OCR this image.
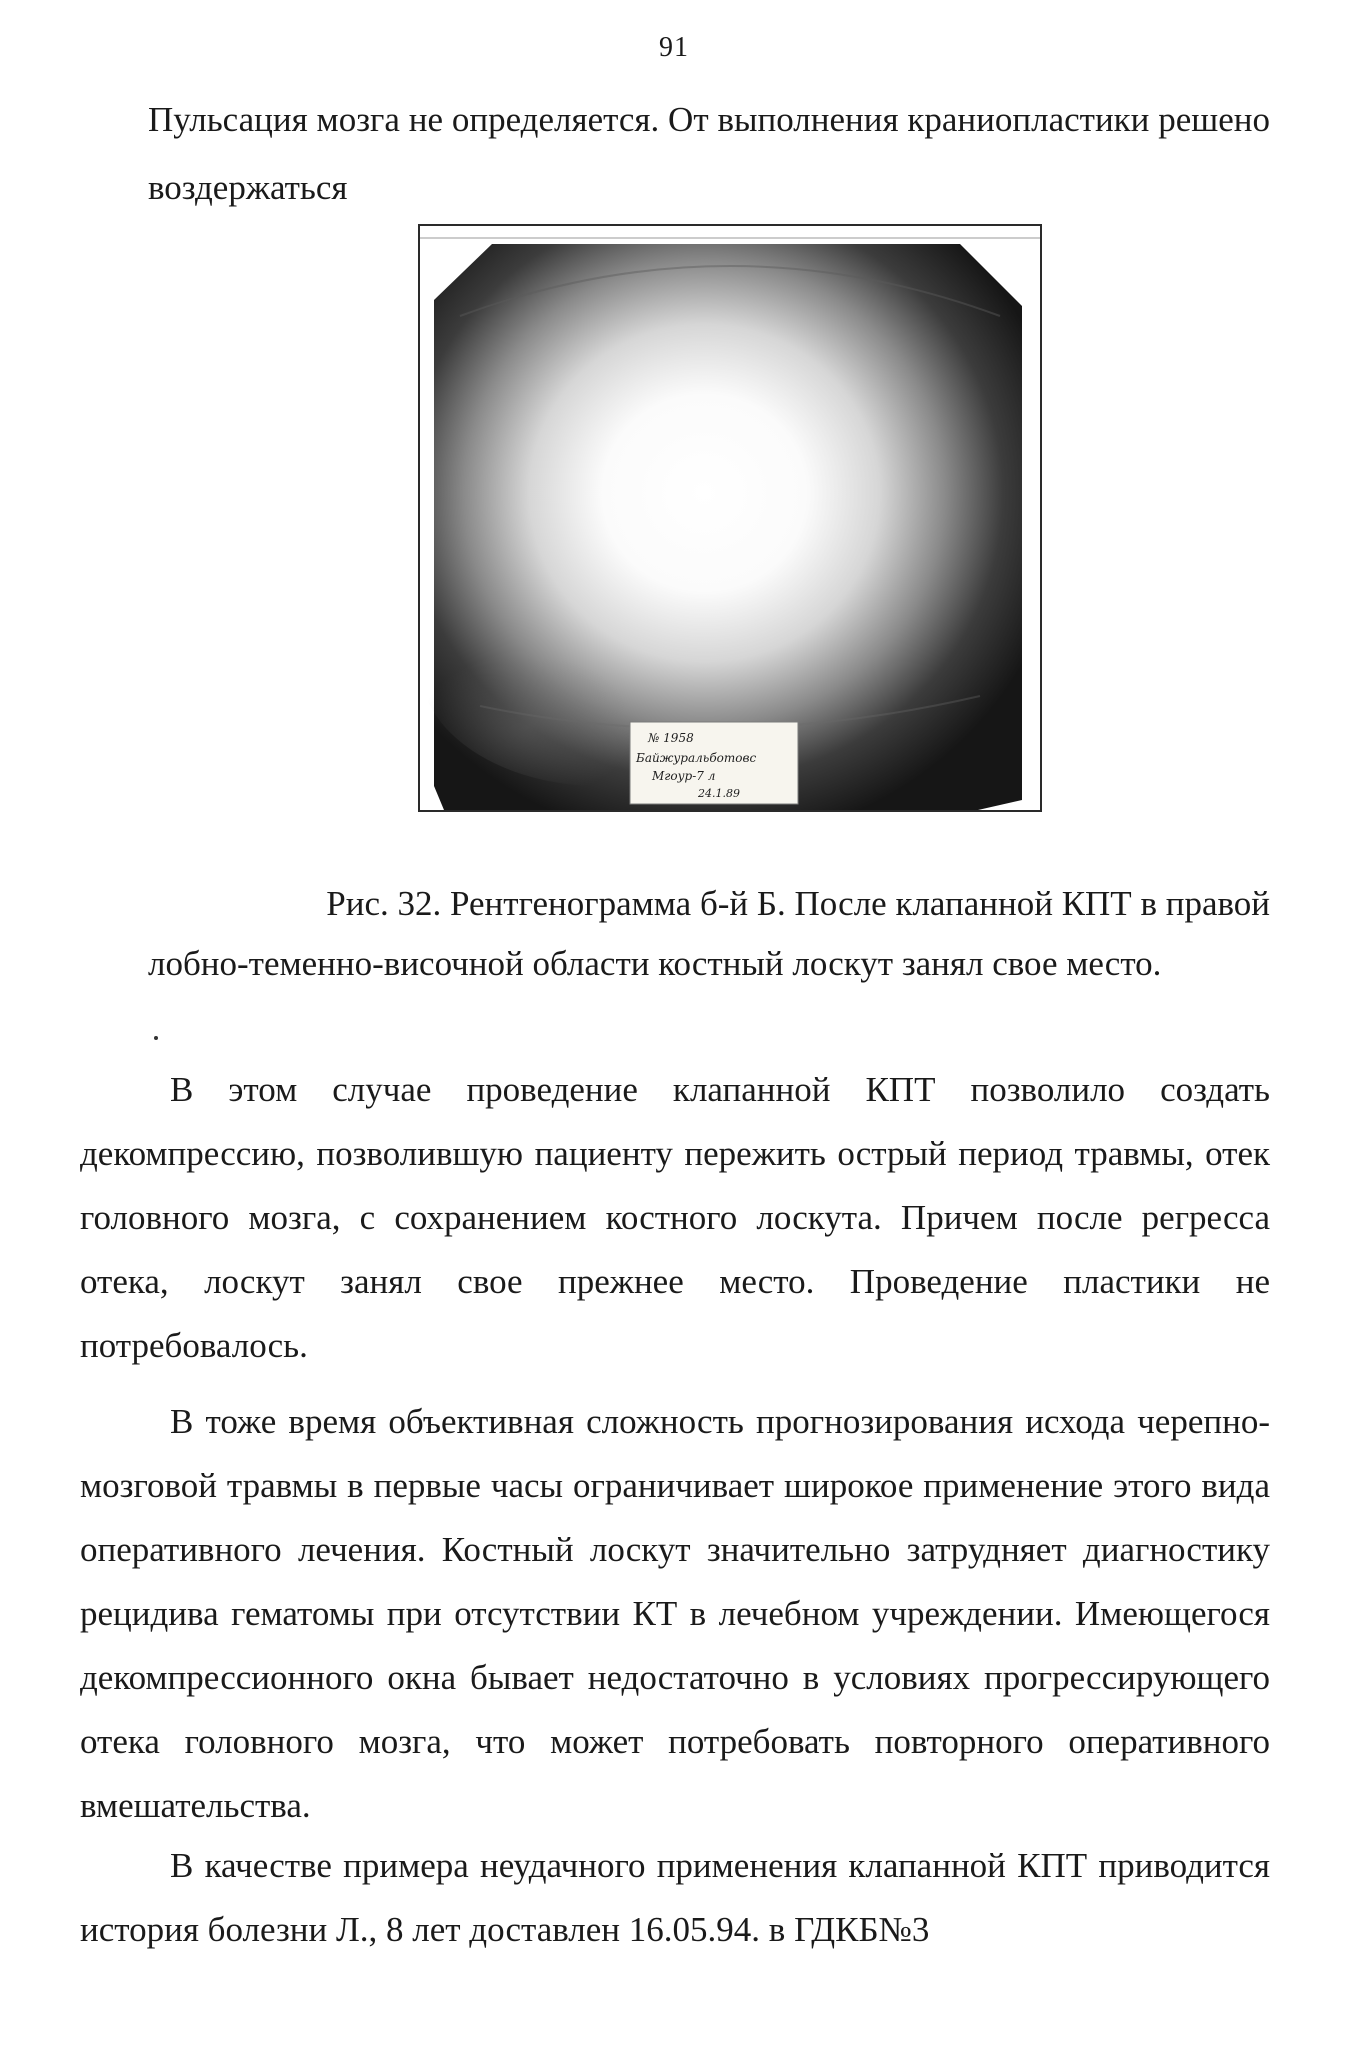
91
Пульсация мозга не определяется. От выполнения краниопластики решено воздержаться
№ 1958
Байжуральботовс
Мгоур-7 л
24.1.89
Рис. 32. Рентгенограмма б-й Б. После клапанной КПТ в правой
лобно-теменно-височной области костный лоскут занял свое место.
В этом случае проведение клапанной КПТ позволило создать декомпрессию, позволившую пациенту пережить острый период травмы, отек головного мозга, с сохранением костного лоскута. Причем после регресса отека, лоскут занял свое прежнее место. Проведение пластики не потребовалось.
В тоже время объективная сложность прогнозирования исхода черепно-мозговой травмы в первые часы ограничивает широкое применение этого вида оперативного лечения. Костный лоскут значительно затрудняет диагностику рецидива гематомы при отсутствии КТ в лечебном учреждении. Имеющегося декомпрессионного окна бывает недостаточно в условиях прогрессирующего отека головного мозга, что может потребовать повторного оперативного вмешательства.
В качестве примера неудачного применения клапанной КПТ приводится история болезни Л., 8 лет доставлен 16.05.94. в ГДКБ№3
